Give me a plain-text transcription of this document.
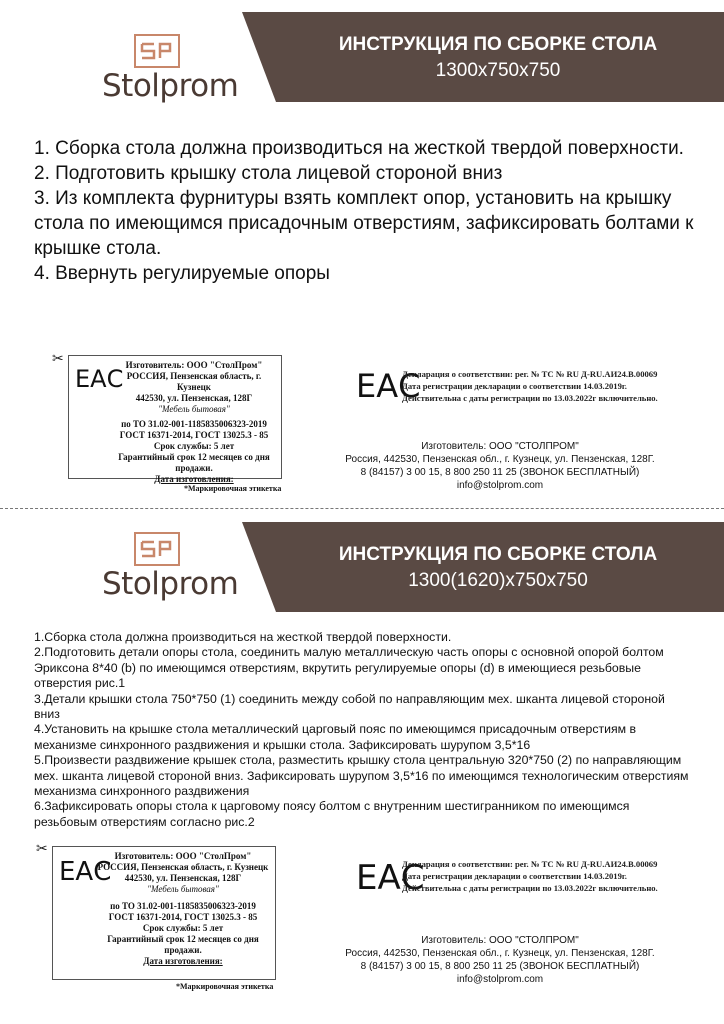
Stolprom
ИНСТРУКЦИЯ ПО СБОРКЕ СТОЛА
1300x750x750
1. Сборка стола должна производиться на жесткой твердой поверхности.
2. Подготовить крышку стола лицевой стороной вниз
3. Из комплекта фурнитуры взять комплект опор, установить на крышку стола по имеющимся присадочным отверстиям, зафиксировать болтами к крышке стола.
4. Ввернуть регулируемые опоры
✂
ЕАС Изготовитель: ООО "СтолПром"
РОССИЯ, Пензенская область, г. Кузнецк
442530, ул. Пензенская, 128Г
"Мебель бытовая"
по ТО 31.02-001-1185835006323-2019
ГОСТ 16371-2014, ГОСТ 13025.3 - 85
Срок службы: 5 лет
Гарантийный срок 12 месяцев со дня продажи.
Дата изготовления:
*Маркировочная этикетка
ЕАС
Декларация о соответствии: рег. № ТС № RU Д-RU.АИ24.В.00069
Дата регистрации декларации о соответствии 14.03.2019г.
Действительна с даты регистрации по 13.03.2022г включительно.
Изготовитель: ООО "СТОЛПРОМ"
Россия, 442530, Пензенская обл., г. Кузнецк, ул. Пензенская, 128Г.
8 (84157) 3 00 15, 8 800 250 11 25 (ЗВОНОК БЕСПЛАТНЫЙ)
info@stolprom.com
Stolprom
ИНСТРУКЦИЯ ПО СБОРКЕ СТОЛА
1300(1620)x750x750
1.Сборка стола должна производиться на жесткой твердой поверхности.
2.Подготовить детали опоры стола, соединить малую металлическую часть опоры с основной опорой болтом Эриксона 8*40 (b) по имеющимся отверстиям, вкрутить регулируемые опоры (d) в имеющиеся резьбовые отверстия рис.1
3.Детали крышки стола 750*750 (1) соединить между собой по направляющим мех. шканта лицевой стороной вниз
4.Установить на крышке стола металлический царговый пояс по имеющимся присадочным отверстиям в механизме синхронного раздвижения и крышки стола. Зафиксировать шурупом 3,5*16
5.Произвести раздвижение крышек стола, разместить крышку стола центральную 320*750 (2) по направляющим мех. шканта лицевой стороной вниз. Зафиксировать шурупом 3,5*16 по имеющимся технологическим отверстиям механизма синхронного раздвижения
6.Зафиксировать опоры стола к царговому поясу болтом с внутренним шестигранником по имеющимся резьбовым отверстиям согласно рис.2
✂
ЕАС
Изготовитель: ООО "СтолПром"
РОССИЯ, Пензенская область, г. Кузнецк
442530, ул. Пензенская, 128Г
"Мебель бытовая"
по ТО 31.02-001-1185835006323-2019
ГОСТ 16371-2014, ГОСТ 13025.3 - 85
Срок службы: 5 лет
Гарантийный срок 12 месяцев со дня продажи.
Дата изготовления:
*Маркировочная этикетка
ЕАС
Декларация о соответствии: рег. № ТС № RU Д-RU.АИ24.В.00069
Дата регистрации декларации о соответствии 14.03.2019г.
Действительна с даты регистрации по 13.03.2022г включительно.
Изготовитель: ООО "СТОЛПРОМ"
Россия, 442530, Пензенская обл., г. Кузнецк, ул. Пензенская, 128Г.
8 (84157) 3 00 15, 8 800 250 11 25 (ЗВОНОК БЕСПЛАТНЫЙ)
info@stolprom.com
